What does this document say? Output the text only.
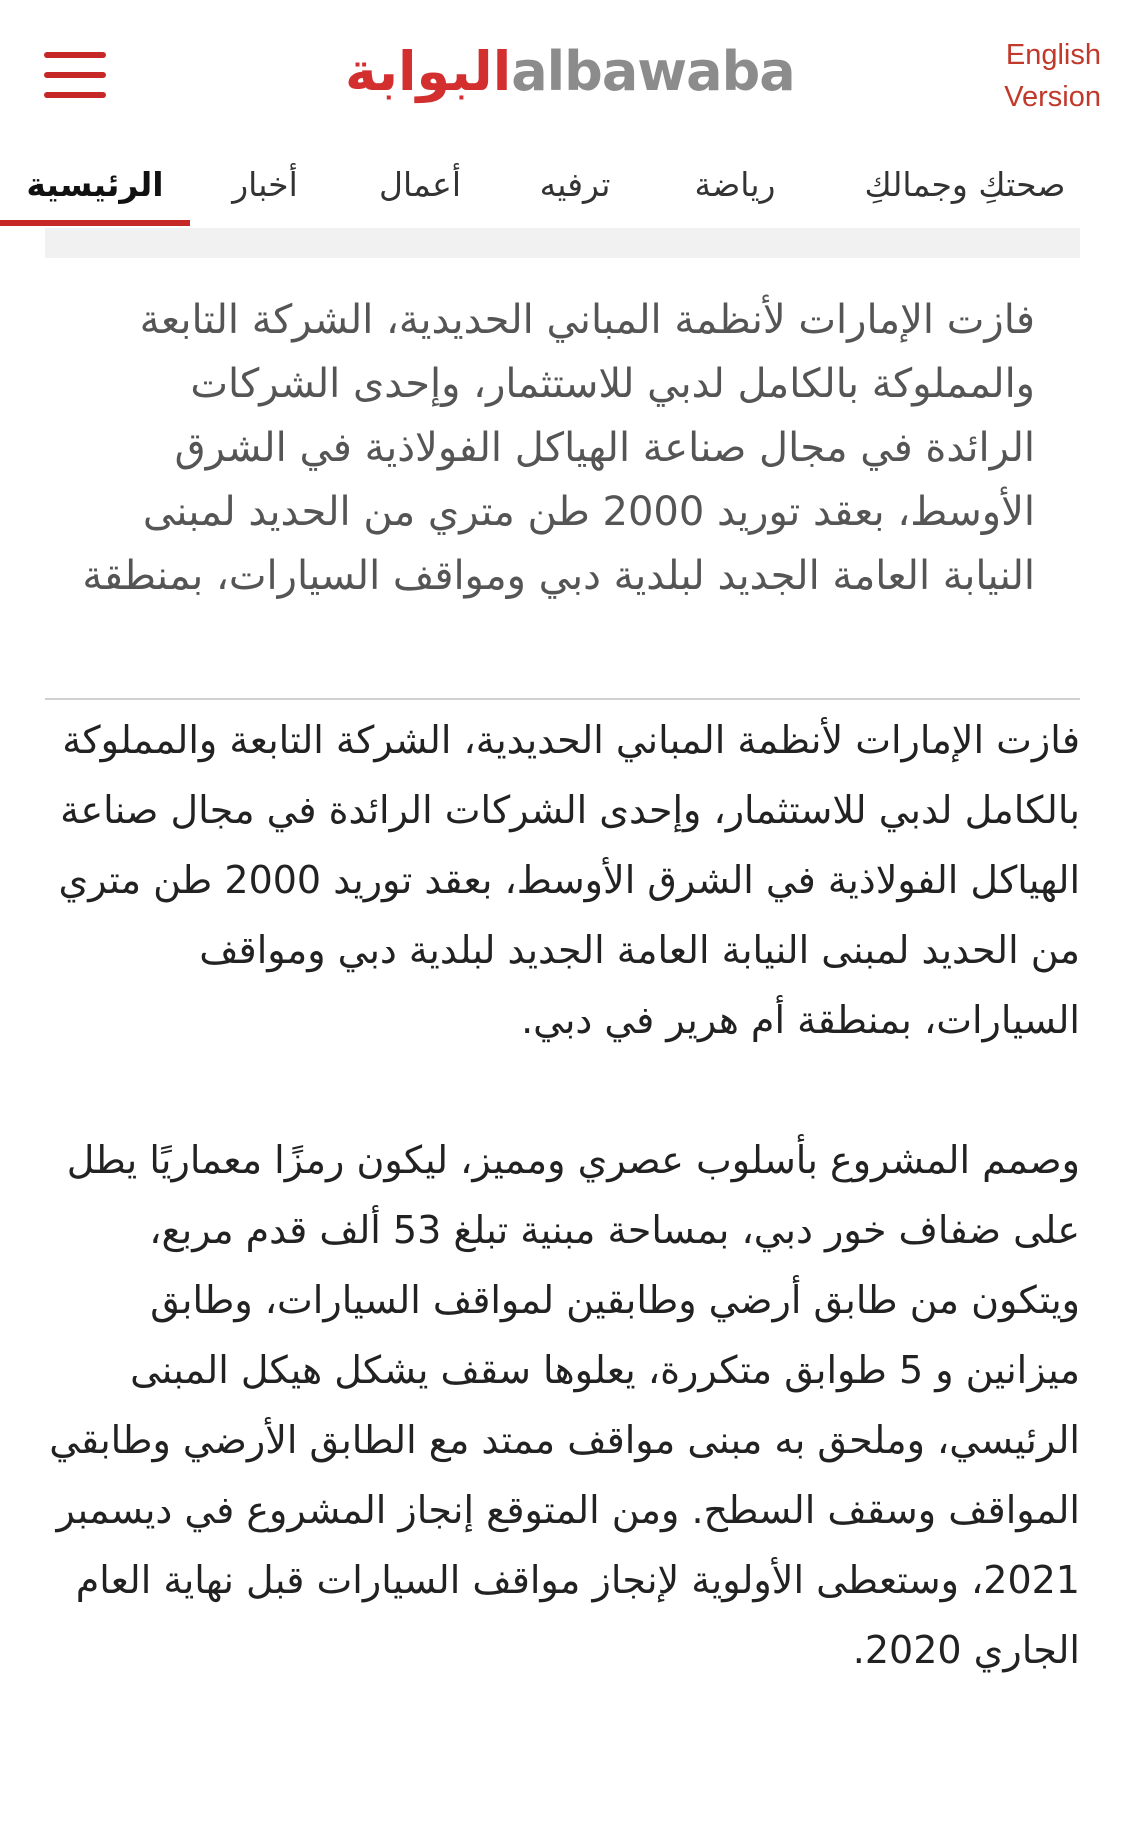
البوابة albawaba	English
Version
الرئيسية	أخبار	أعمال	ترفيه	رياضة	صحتكِ وجمالكِ

فازت الإمارات لأنظمة المباني الحديدية، الشركة التابعة والمملوكة بالكامل لدبي للاستثمار، وإحدى الشركات الرائدة في مجال صناعة الهياكل الفولاذية في الشرق الأوسط، بعقد توريد 2000 طن متري من الحديد لمبنى النيابة العامة الجديد لبلدية دبي ومواقف السيارات، بمنطقة

فازت الإمارات لأنظمة المباني الحديدية، الشركة التابعة والمملوكة بالكامل لدبي للاستثمار، وإحدى الشركات الرائدة في مجال صناعة الهياكل الفولاذية في الشرق الأوسط، بعقد توريد 2000 طن متري من الحديد لمبنى النيابة العامة الجديد لبلدية دبي ومواقف السيارات، بمنطقة أم هرير في دبي.

وصمم المشروع بأسلوب عصري ومميز، ليكون رمزًا معماريًا يطل على ضفاف خور دبي، بمساحة مبنية تبلغ 53 ألف قدم مربع، ويتكون من طابق أرضي وطابقين لمواقف السيارات، وطابق ميزانين و 5 طوابق متكررة، يعلوها سقف يشكل هيكل المبنى الرئيسي، وملحق به مبنى مواقف ممتد مع الطابق الأرضي وطابقي المواقف وسقف السطح. ومن المتوقع إنجاز المشروع في ديسمبر 2021، وستعطى الأولوية لإنجاز مواقف السيارات قبل نهاية العام الجاري 2020.
